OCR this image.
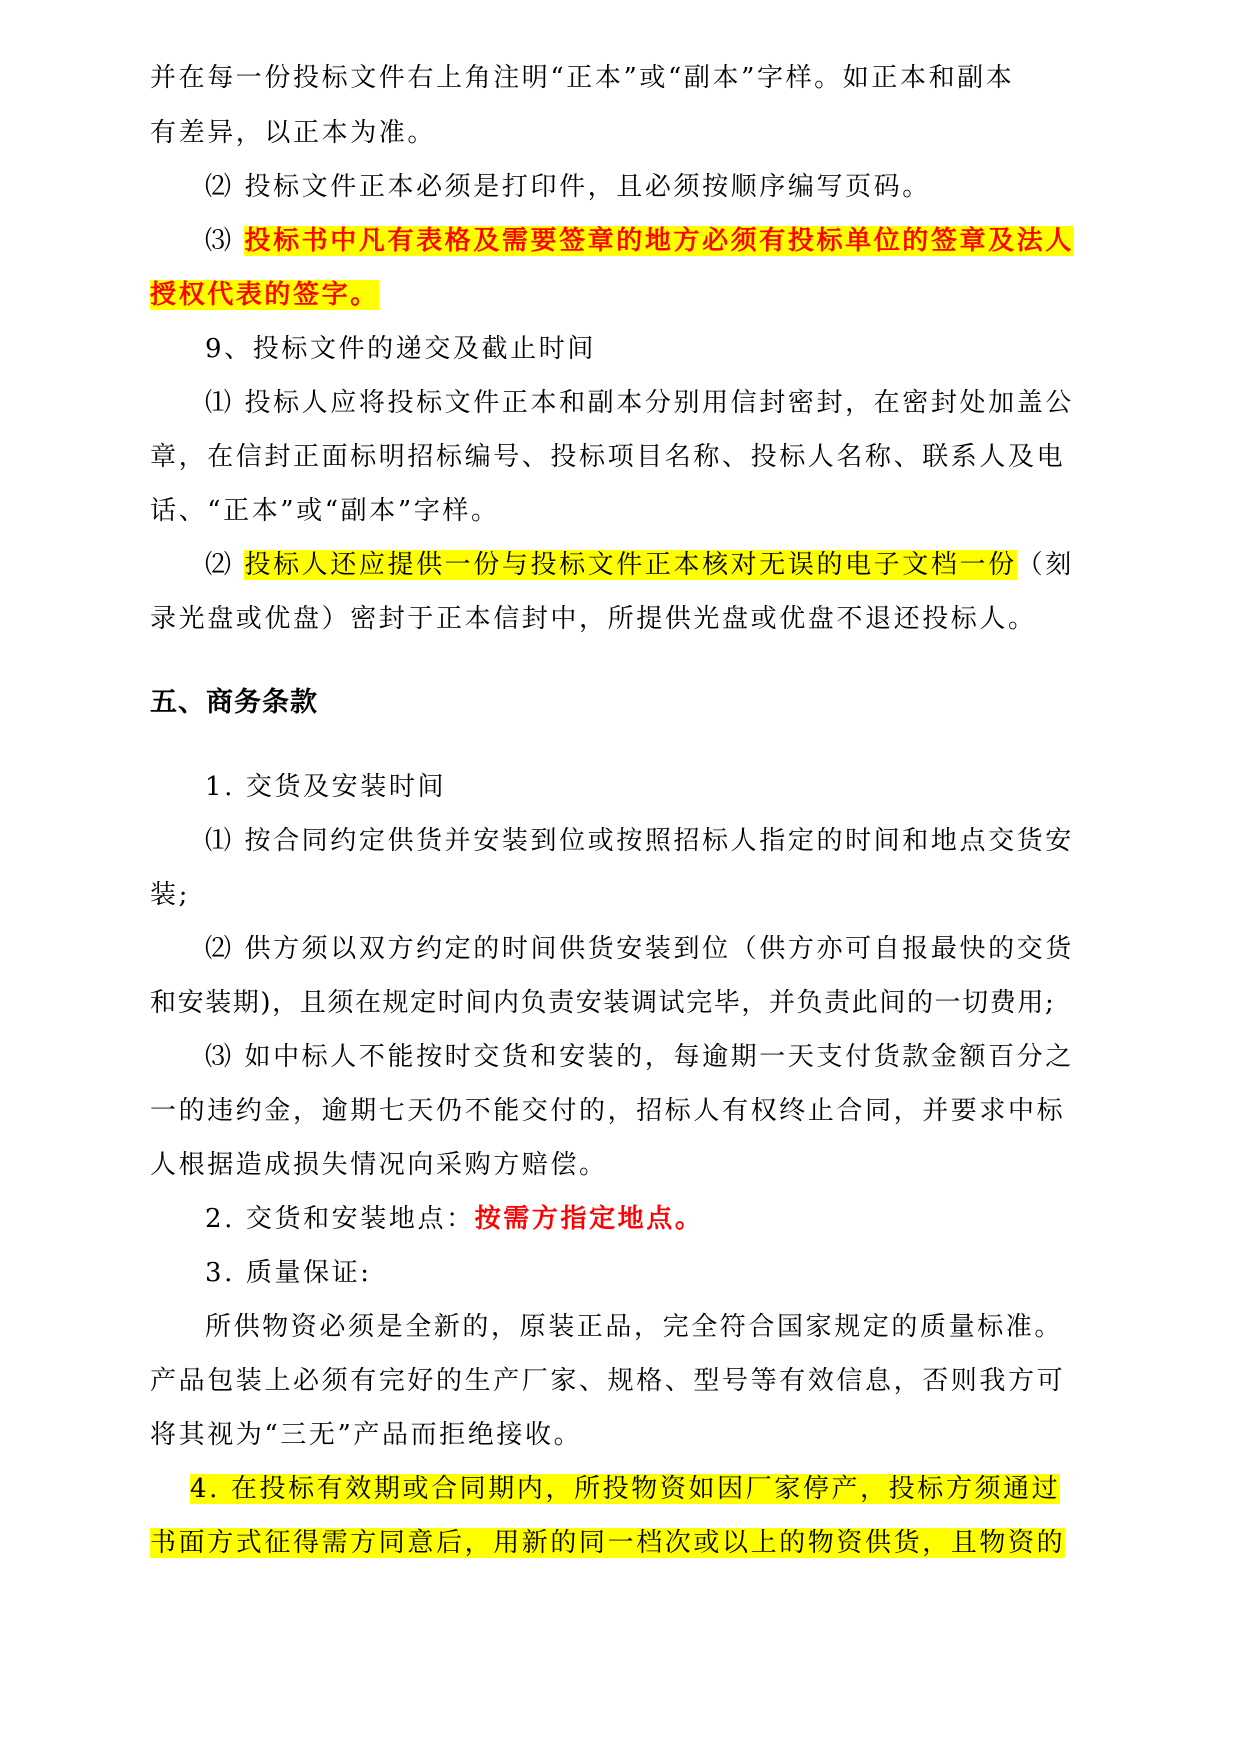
并在每一份投标文件右上角注明“正本”或“副本”字样。如正本和副本
有差异，以正本为准。
⑵ 投标文件正本必须是打印件，且必须按顺序编写页码。
⑶ 投标书中凡有表格及需要签章的地方必须有投标单位的签章及法人
授权代表的签字。
9、投标文件的递交及截止时间
⑴ 投标人应将投标文件正本和副本分别用信封密封，在密封处加盖公
章，在信封正面标明招标编号、投标项目名称、投标人名称、联系人及电
话、“正本”或“副本”字样。
⑵ 投标人还应提供一份与投标文件正本核对无误的电子文档一份（刻
录光盘或优盘）密封于正本信封中，所提供光盘或优盘不退还投标人。
五、商务条款
1. 交货及安装时间
⑴ 按合同约定供货并安装到位或按照招标人指定的时间和地点交货安
装;
⑵ 供方须以双方约定的时间供货安装到位（供方亦可自报最快的交货
和安装期)，且须在规定时间内负责安装调试完毕，并负责此间的一切费用;
⑶ 如中标人不能按时交货和安装的，每逾期一天支付货款金额百分之
一的违约金，逾期七天仍不能交付的，招标人有权终止合同，并要求中标
人根据造成损失情况向采购方赔偿。
2. 交货和安装地点：按需方指定地点。
3. 质量保证:
所供物资必须是全新的，原装正品，完全符合国家规定的质量标准。
产品包装上必须有完好的生产厂家、规格、型号等有效信息，否则我方可
将其视为“三无”产品而拒绝接收。
4. 在投标有效期或合同期内，所投物资如因厂家停产，投标方须通过
书面方式征得需方同意后，用新的同一档次或以上的物资供货，且物资的
